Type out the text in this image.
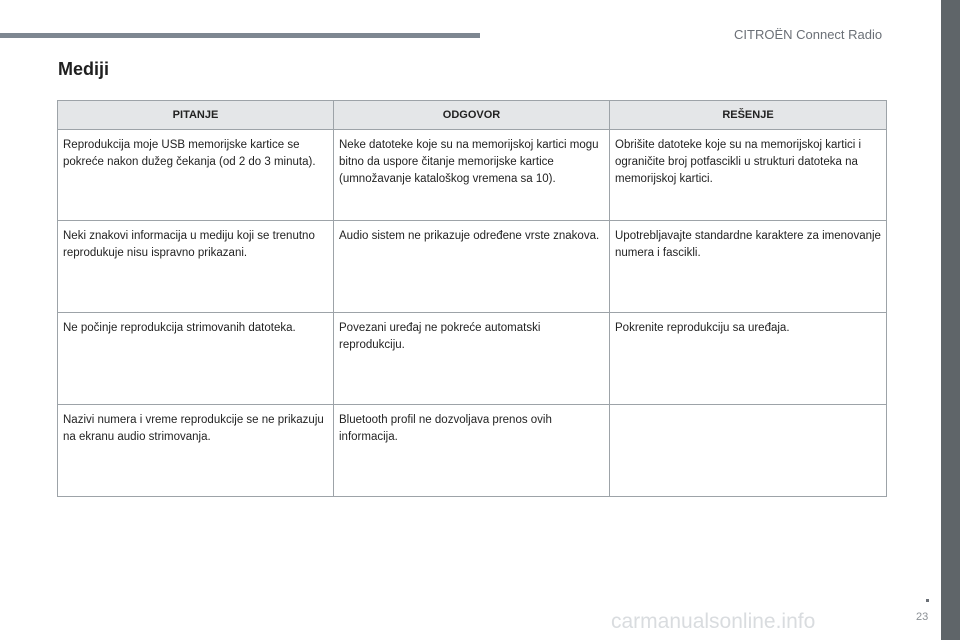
CITROËN Connect Radio
Mediji
PITANJE	ODGOVOR	REŠENJE
Reprodukcija moje USB memorijske kartice se pokreće nakon dužeg čekanja (od 2 do 3 minuta).	Neke datoteke koje su na memorijskoj kartici mogu bitno da uspore čitanje memorijske kartice (umnožavanje kataloškog vremena sa 10).	Obrišite datoteke koje su na memorijskoj kartici i ograničite broj potfascikli u strukturi datoteka na memorijskoj kartici.
Neki znakovi informacija u mediju koji se trenutno reprodukuje nisu ispravno prikazani.	Audio sistem ne prikazuje određene vrste znakova.	Upotrebljavajte standardne karaktere za imenovanje numera i fascikli.
Ne počinje reprodukcija strimovanih datoteka.	Povezani uređaj ne pokreće automatski reprodukciju.	Pokrenite reprodukciju sa uređaja.
Nazivi numera i vreme reprodukcije se ne prikazuju na ekranu audio strimovanja.	Bluetooth profil ne dozvoljava prenos ovih informacija.	
carmanualsonline.info	23
